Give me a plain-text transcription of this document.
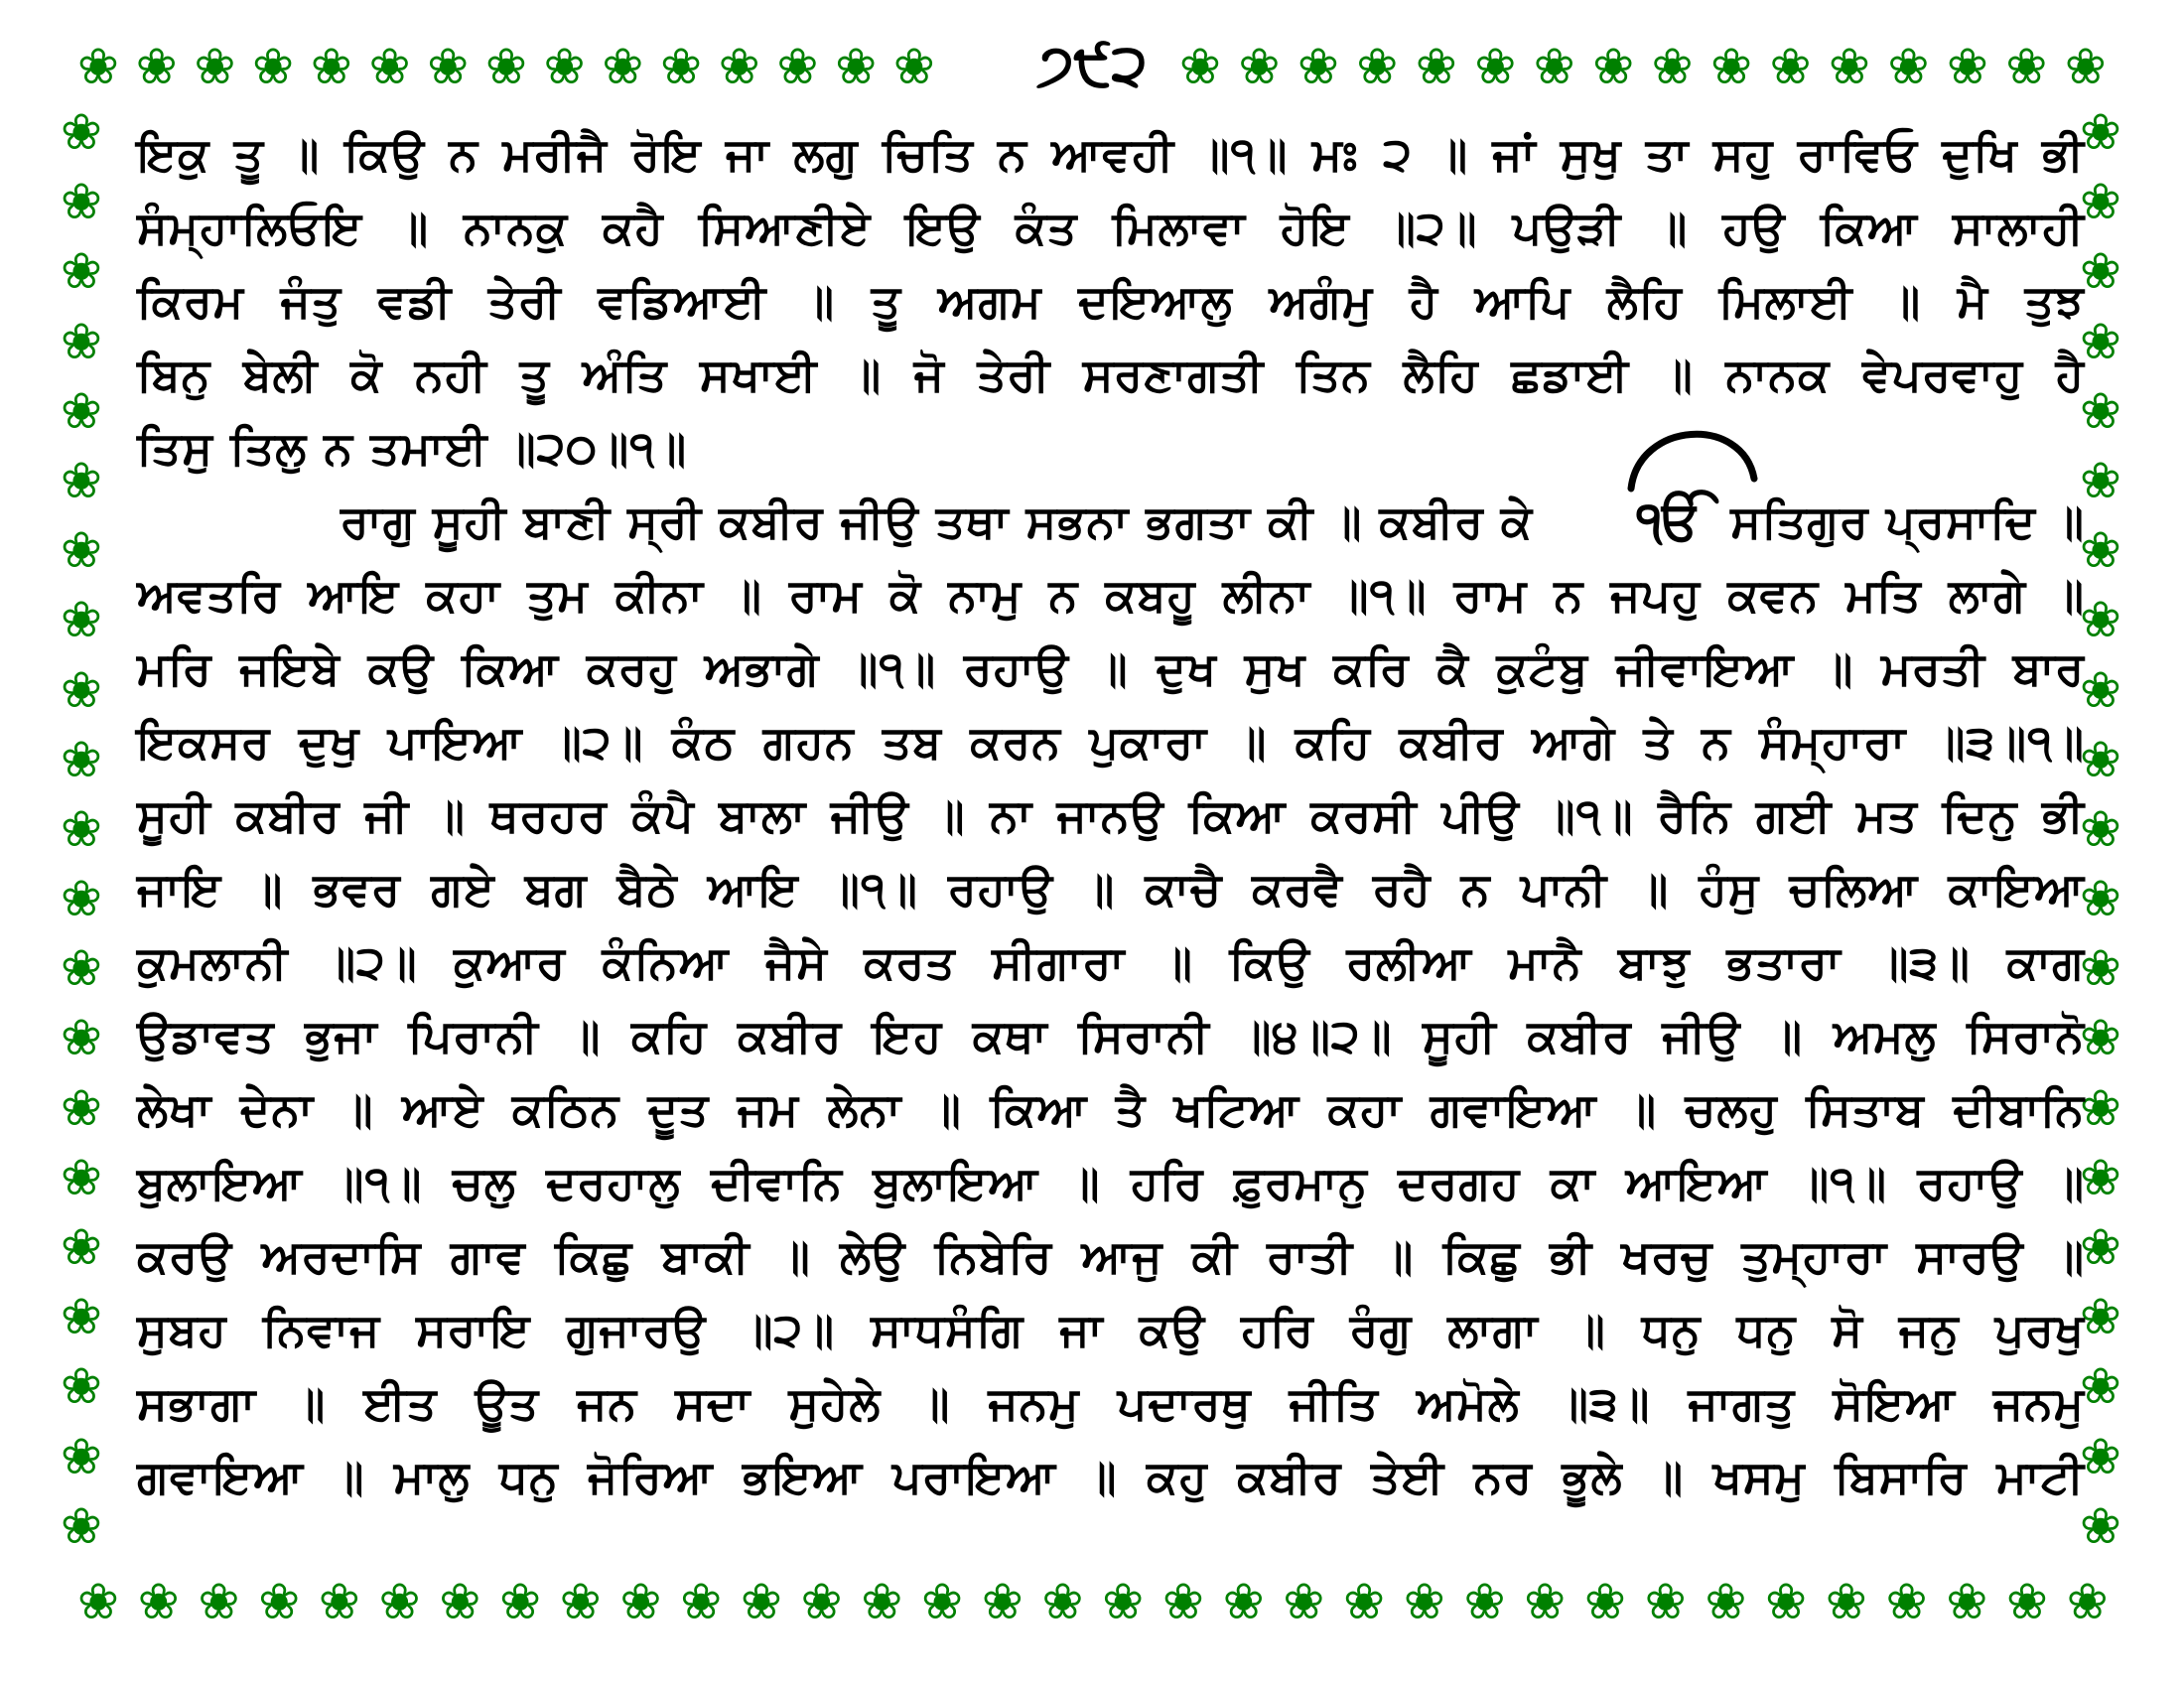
❀ ❀ ❀ ❀ ❀ ❀ ❀ ❀ ❀ ❀ ❀ ❀ ❀ ❀ ❀	❀ ❀ ❀ ❀ ❀ ❀ ❀ ❀ ❀ ❀ ❀ ❀ ❀ ❀ ❀ ❀
❀
❀
❀
❀
❀
❀
❀
❀
❀
❀
❀
❀
❀
❀
❀
❀
❀
❀
❀
❀
❀
❀
❀
❀
❀
❀
❀
❀
❀
❀
❀
❀
❀
❀
❀
❀
❀
❀
❀
❀
❀
❀
❀ ❀ ❀ ❀ ❀ ❀ ❀ ❀ ❀ ❀ ❀ ❀ ❀ ❀ ❀ ❀ ❀ ❀ ❀ ❀ ❀ ❀ ❀ ❀ ❀ ❀ ❀ ❀ ❀ ❀ ❀ ❀ ❀ ❀
੭੯੨
ਇਕੁ ਤੂ ॥ ਕਿਉ ਨ ਮਰੀਜੈ ਰੋਇ ਜਾ ਲਗੁ ਚਿਤਿ ਨ ਆਵਹੀ ॥੧॥ ਮਃ ੨ ॥ ਜਾਂ ਸੁਖੁ ਤਾ ਸਹੁ ਰਾਵਿਓ ਦੁਖਿ ਭੀ
ਸੰਮ੍ਹਾਲਿਓਇ ॥ ਨਾਨਕੁ ਕਹੈ ਸਿਆਣੀਏ ਇਉ ਕੰਤ ਮਿਲਾਵਾ ਹੋਇ ॥੨॥ ਪਉੜੀ ॥ ਹਉ ਕਿਆ ਸਾਲਾਹੀ
ਕਿਰਮ ਜੰਤੁ ਵਡੀ ਤੇਰੀ ਵਡਿਆਈ ॥ ਤੂ ਅਗਮ ਦਇਆਲੁ ਅਗੰਮੁ ਹੈ ਆਪਿ ਲੈਹਿ ਮਿਲਾਈ ॥ ਮੈ ਤੁਝ
ਬਿਨੁ ਬੇਲੀ ਕੋ ਨਹੀ ਤੂ ਅੰਤਿ ਸਖਾਈ ॥ ਜੋ ਤੇਰੀ ਸਰਣਾਗਤੀ ਤਿਨ ਲੈਹਿ ਛਡਾਈ ॥ ਨਾਨਕ ਵੇਪਰਵਾਹੁ ਹੈ
ਤਿਸੁ ਤਿਲੁ ਨ ਤਮਾਈ ॥੨੦॥੧॥
ਰਾਗੁ ਸੂਹੀ ਬਾਣੀ ਸ੍ਰੀ ਕਬੀਰ ਜੀਉ ਤਥਾ ਸਭਨਾ ਭਗਤਾ ਕੀ ॥ ਕਬੀਰ ਕੇ ੴ ਸਤਿਗੁਰ ਪ੍ਰਸਾਦਿ ॥
ਅਵਤਰਿ ਆਇ ਕਹਾ ਤੁਮ ਕੀਨਾ ॥ ਰਾਮ ਕੋ ਨਾਮੁ ਨ ਕਬਹੂ ਲੀਨਾ ॥੧॥ ਰਾਮ ਨ ਜਪਹੁ ਕਵਨ ਮਤਿ ਲਾਗੇ ॥
ਮਰਿ ਜਇਬੇ ਕਉ ਕਿਆ ਕਰਹੁ ਅਭਾਗੇ ॥੧॥ ਰਹਾਉ ॥ ਦੁਖ ਸੁਖ ਕਰਿ ਕੈ ਕੁਟੰਬੁ ਜੀਵਾਇਆ ॥ ਮਰਤੀ ਬਾਰ
ਇਕਸਰ ਦੁਖੁ ਪਾਇਆ ॥੨॥ ਕੰਠ ਗਹਨ ਤਬ ਕਰਨ ਪੁਕਾਰਾ ॥ ਕਹਿ ਕਬੀਰ ਆਗੇ ਤੇ ਨ ਸੰਮ੍ਹਾਰਾ ॥੩॥੧॥
ਸੂਹੀ ਕਬੀਰ ਜੀ ॥ ਥਰਹਰ ਕੰਪੈ ਬਾਲਾ ਜੀਉ ॥ ਨਾ ਜਾਨਉ ਕਿਆ ਕਰਸੀ ਪੀਉ ॥੧॥ ਰੈਨਿ ਗਈ ਮਤ ਦਿਨੁ ਭੀ
ਜਾਇ ॥ ਭਵਰ ਗਏ ਬਗ ਬੈਠੇ ਆਇ ॥੧॥ ਰਹਾਉ ॥ ਕਾਚੈ ਕਰਵੈ ਰਹੈ ਨ ਪਾਨੀ ॥ ਹੰਸੁ ਚਲਿਆ ਕਾਇਆ
ਕੁਮਲਾਨੀ ॥੨॥ ਕੁਆਰ ਕੰਨਿਆ ਜੈਸੇ ਕਰਤ ਸੀਗਾਰਾ ॥ ਕਿਉ ਰਲੀਆ ਮਾਨੈ ਬਾਝੁ ਭਤਾਰਾ ॥੩॥ ਕਾਗ
ਉਡਾਵਤ ਭੁਜਾ ਪਿਰਾਨੀ ॥ ਕਹਿ ਕਬੀਰ ਇਹ ਕਥਾ ਸਿਰਾਨੀ ॥੪॥੨॥ ਸੂਹੀ ਕਬੀਰ ਜੀਉ ॥ ਅਮਲੁ ਸਿਰਾਨੋ
ਲੇਖਾ ਦੇਨਾ ॥ ਆਏ ਕਠਿਨ ਦੂਤ ਜਮ ਲੇਨਾ ॥ ਕਿਆ ਤੈ ਖਟਿਆ ਕਹਾ ਗਵਾਇਆ ॥ ਚਲਹੁ ਸਿਤਾਬ ਦੀਬਾਨਿ
ਬੁਲਾਇਆ ॥੧॥ ਚਲੁ ਦਰਹਾਲੁ ਦੀਵਾਨਿ ਬੁਲਾਇਆ ॥ ਹਰਿ ਫ਼ੁਰਮਾਨੁ ਦਰਗਹ ਕਾ ਆਇਆ ॥੧॥ ਰਹਾਉ ॥
ਕਰਉ ਅਰਦਾਸਿ ਗਾਵ ਕਿਛੁ ਬਾਕੀ ॥ ਲੇਉ ਨਿਬੇਰਿ ਆਜੁ ਕੀ ਰਾਤੀ ॥ ਕਿਛੁ ਭੀ ਖਰਚੁ ਤੁਮ੍ਹਾਰਾ ਸਾਰਉ ॥
ਸੁਬਹ ਨਿਵਾਜ ਸਰਾਇ ਗੁਜਾਰਉ ॥੨॥ ਸਾਧਸੰਗਿ ਜਾ ਕਉ ਹਰਿ ਰੰਗੁ ਲਾਗਾ ॥ ਧਨੁ ਧਨੁ ਸੋ ਜਨੁ ਪੁਰਖੁ
ਸਭਾਗਾ ॥ ਈਤ ਊਤ ਜਨ ਸਦਾ ਸੁਹੇਲੇ ॥ ਜਨਮੁ ਪਦਾਰਥੁ ਜੀਤਿ ਅਮੋਲੇ ॥੩॥ ਜਾਗਤੁ ਸੋਇਆ ਜਨਮੁ
ਗਵਾਇਆ ॥ ਮਾਲੁ ਧਨੁ ਜੋਰਿਆ ਭਇਆ ਪਰਾਇਆ ॥ ਕਹੁ ਕਬੀਰ ਤੇਈ ਨਰ ਭੂਲੇ ॥ ਖਸਮੁ ਬਿਸਾਰਿ ਮਾਟੀ
